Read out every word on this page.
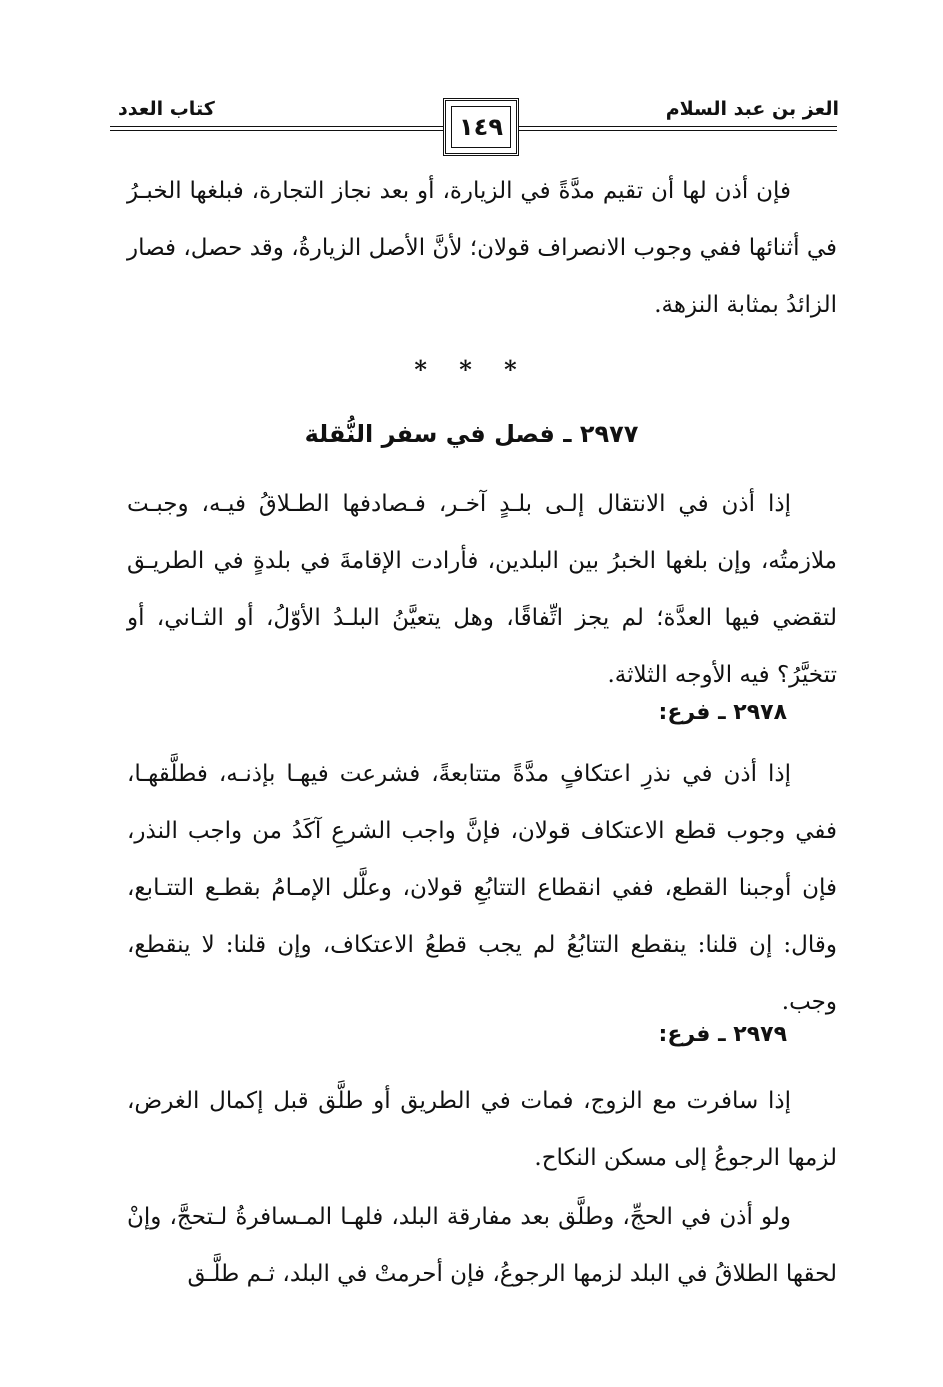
العز بن عبد السلام
كتاب العدد
١٤٩

فإن أذن لها أن تقيم مدَّةً في الزيارة، أو بعد نجاز التجارة، فبلغها الخبـرُ في أثنائها ففي وجوب الانصراف قولان؛ لأنَّ الأصل الزيارةُ، وقد حصل، فصار الزائدُ بمثابة النزهة.

* * *
٢٩٧٧ ـ فصل في سفر النُّقلة

إذا أذن في الانتقال إلـى بلـدٍ آخـر، فـصادفها الطـلاقُ فيـه، وجبـت ملازمتُه، وإن بلغها الخبرُ بين البلدين، فأرادت الإقامةَ في بلدةٍ في الطريـق لتقضي فيها العدَّة؛ لم يجز اتِّفاقًا، وهل يتعيَّنُ البلـدُ الأوّلُ، أو الثـاني، أو تتخيَّرُ؟ فيه الأوجه الثلاثة.

٢٩٧٨ ـ فرع:

إذا أذن في نذرِ اعتكافٍ مدَّةً متتابعةً، فشرعت فيهـا بإذنـه، فطلَّقهـا، ففي وجوب قطع الاعتكاف قولان، فإنَّ واجب الشرعِ آكَدُ من واجب النذر، فإن أوجبنا القطع، ففي انقطاع التتابُعِ قولان، وعلَّل الإمـامُ بقطـع التتـابع، وقال: إن قلنا: ينقطع التتابُعُ لم يجب قطعُ الاعتكاف، وإن قلنا: لا ينقطع، وجب.

٢٩٧٩ ـ فرع:

إذا سافرت مع الزوج، فمات في الطريق أو طلَّق قبل إكمال الغرض، لزمها الرجوعُ إلى مسكن النكاح.

ولو أذن في الحجِّ، وطلَّق بعد مفارقة البلد، فلهـا المـسافرةُ لـتحجَّ، وإنْ لحقها الطلاقُ في البلد لزمها الرجوعُ، فإن أحرمتْ في البلد، ثـم طلَّـق
